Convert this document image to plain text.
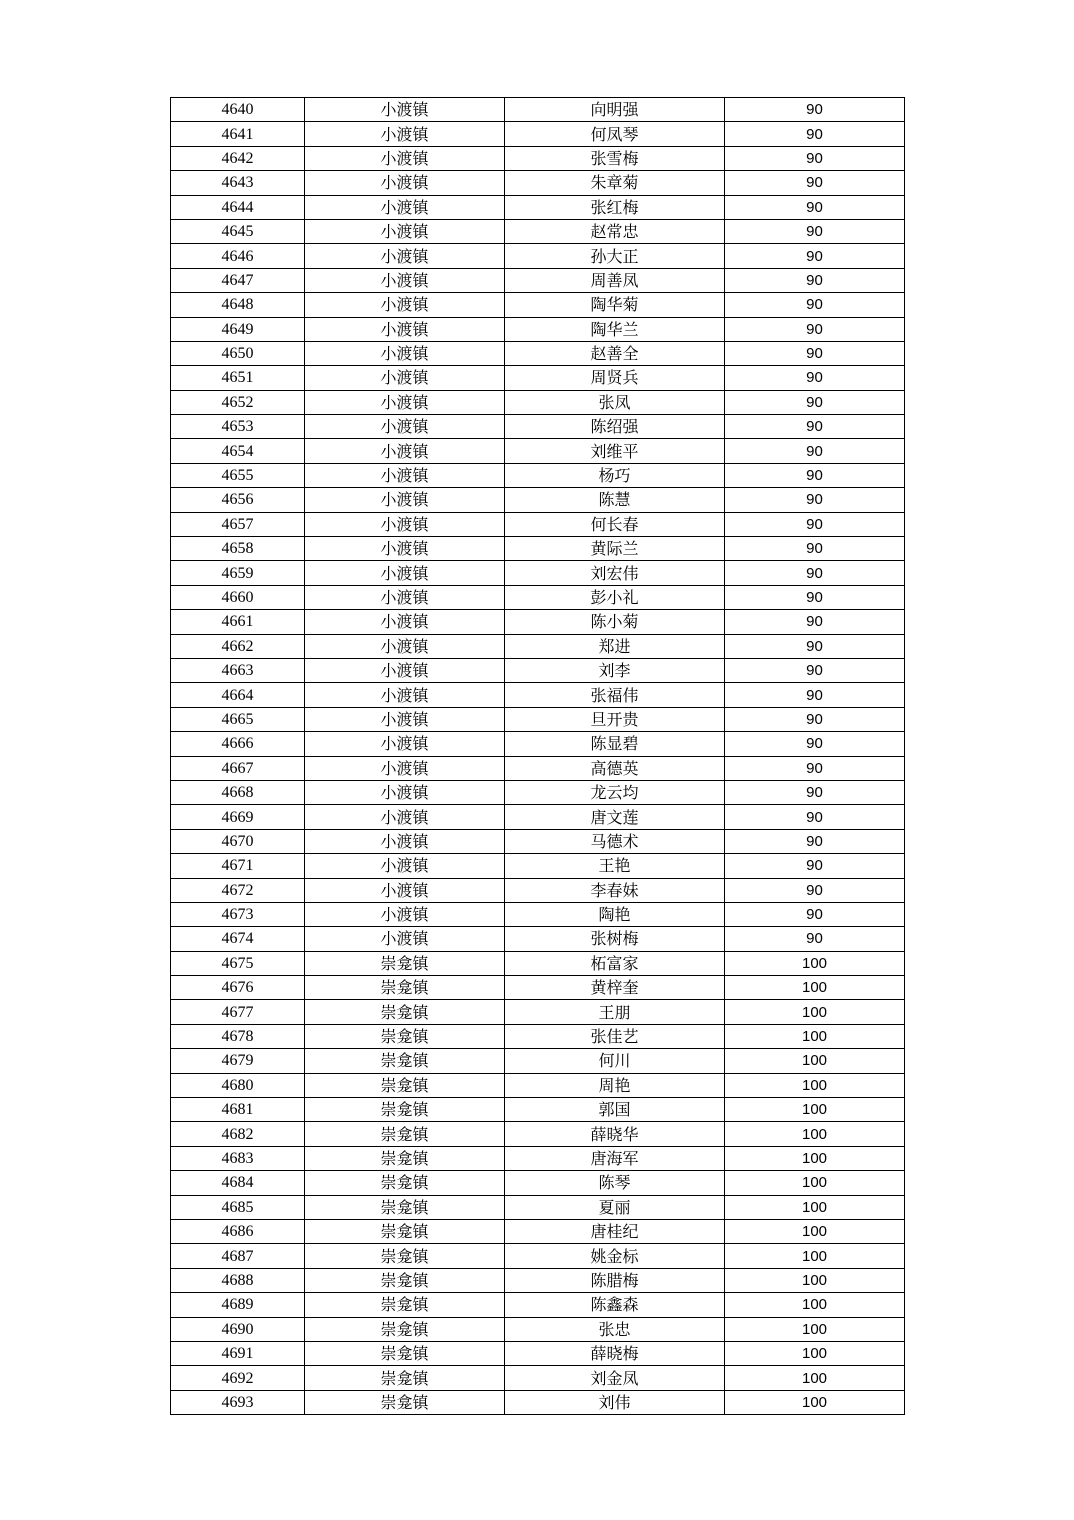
4640	小渡镇	向明强	90
4641	小渡镇	何凤琴	90
4642	小渡镇	张雪梅	90
4643	小渡镇	朱章菊	90
4644	小渡镇	张红梅	90
4645	小渡镇	赵常忠	90
4646	小渡镇	孙大正	90
4647	小渡镇	周善凤	90
4648	小渡镇	陶华菊	90
4649	小渡镇	陶华兰	90
4650	小渡镇	赵善全	90
4651	小渡镇	周贤兵	90
4652	小渡镇	张凤	90
4653	小渡镇	陈绍强	90
4654	小渡镇	刘维平	90
4655	小渡镇	杨巧	90
4656	小渡镇	陈慧	90
4657	小渡镇	何长春	90
4658	小渡镇	黄际兰	90
4659	小渡镇	刘宏伟	90
4660	小渡镇	彭小礼	90
4661	小渡镇	陈小菊	90
4662	小渡镇	郑进	90
4663	小渡镇	刘李	90
4664	小渡镇	张福伟	90
4665	小渡镇	旦开贵	90
4666	小渡镇	陈显碧	90
4667	小渡镇	高德英	90
4668	小渡镇	龙云均	90
4669	小渡镇	唐文莲	90
4670	小渡镇	马德术	90
4671	小渡镇	王艳	90
4672	小渡镇	李春妹	90
4673	小渡镇	陶艳	90
4674	小渡镇	张树梅	90
4675	崇龛镇	柘富家	100
4676	崇龛镇	黄梓奎	100
4677	崇龛镇	王朋	100
4678	崇龛镇	张佳艺	100
4679	崇龛镇	何川	100
4680	崇龛镇	周艳	100
4681	崇龛镇	郭国	100
4682	崇龛镇	薛晓华	100
4683	崇龛镇	唐海军	100
4684	崇龛镇	陈琴	100
4685	崇龛镇	夏丽	100
4686	崇龛镇	唐桂纪	100
4687	崇龛镇	姚金标	100
4688	崇龛镇	陈腊梅	100
4689	崇龛镇	陈鑫森	100
4690	崇龛镇	张忠	100
4691	崇龛镇	薛晓梅	100
4692	崇龛镇	刘金凤	100
4693	崇龛镇	刘伟	100
